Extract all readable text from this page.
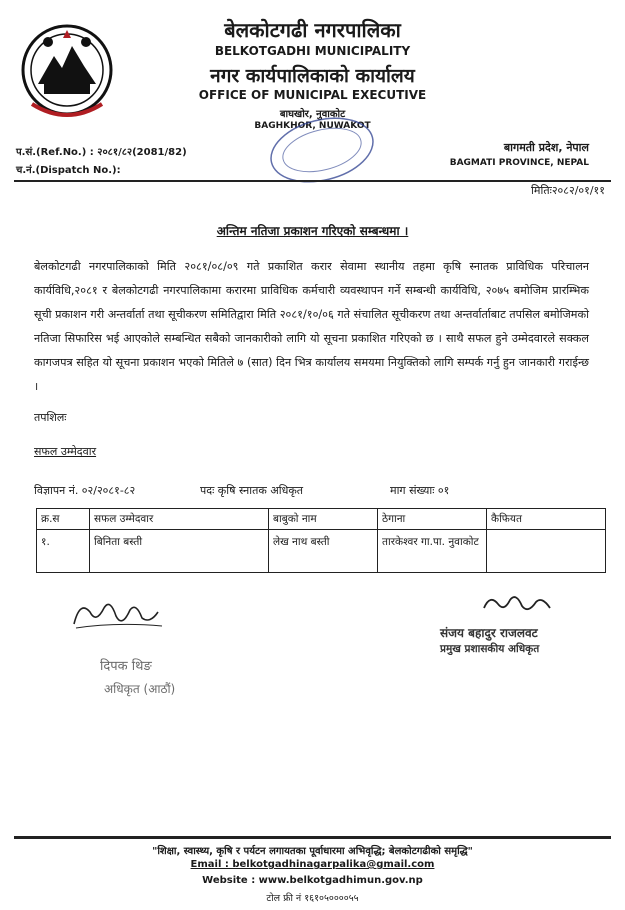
बेलकोटगढी नगरपालिका
BELKOTGADHI MUNICIPALITY
नगर कार्यपालिकाको कार्यालय
OFFICE OF MUNICIPAL EXECUTIVE
बाघखोर, नुवाकोट
BAGHKHOR, NUWAKOT
प.सं.(Ref.No.) : २०८१/८२(2081/82)
च.नं.(Dispatch No.):
बागमती प्रदेश, नेपाल
BAGMATI PROVINCE, NEPAL
मितिः२०८२/०१/११
अन्तिम नतिजा प्रकाशन गरिएको सम्बन्धमा ।
बेलकोटगढी नगरपालिकाको मिति २०८१/०८/०९ गते प्रकाशित करार सेवामा स्थानीय तहमा कृषि स्नातक प्राविधिक परिचालन कार्यविधि,२०८१ र बेलकोटगढी नगरपालिकामा करारमा प्राविधिक कर्मचारी व्यवस्थापन गर्ने सम्बन्धी कार्यविधि, २०७५ बमोजिम प्रारम्भिक सूची प्रकाशन गरी अन्तर्वार्ता तथा सूचीकरण समितिद्वारा मिति २०८१/१०/०६ गते संचालित सूचीकरण तथा अन्तर्वार्ताबाट तपसिल बमोजिमको नतिजा सिफारिस भई आएकोले सम्बन्धित सबैको जानकारीको लागि यो सूचना प्रकाशित गरिएको छ । साथै सफल हुने उम्मेदवारले सक्कल कागजपत्र सहित यो सूचना प्रकाशन भएको मितिले ७ (सात) दिन भित्र कार्यालय समयमा नियुक्तिको लागि सम्पर्क गर्नु हुन जानकारी गराईन्छ ।
तपशिलः
सफल उम्मेदवार
विज्ञापन नं. ०२/२०८१-८२	पदः कृषि स्नातक अधिकृत	माग संख्याः ०१
क्र.स	सफल उम्मेदवार	बाबुको नाम	ठेगाना	कैफियत
१.	बिनिता बस्ती	लेख नाथ बस्ती	तारकेश्वर गा.पा. नुवाकोट	
दिपक थिङ
अधिकृत (आठौं)
संजय बहादुर राजलवट
प्रमुख प्रशासकीय अधिकृत
"शिक्षा, स्वास्थ्य, कृषि र पर्यटन लगायतका पूर्वाधारमा अभिवृद्धि; बेलकोटगढीको समृद्धि"
Email : belkotgadhinagarpalika@gmail.com
Website : www.belkotgadhimun.gov.np
टोल फ्री नं १६१०५००००५५
